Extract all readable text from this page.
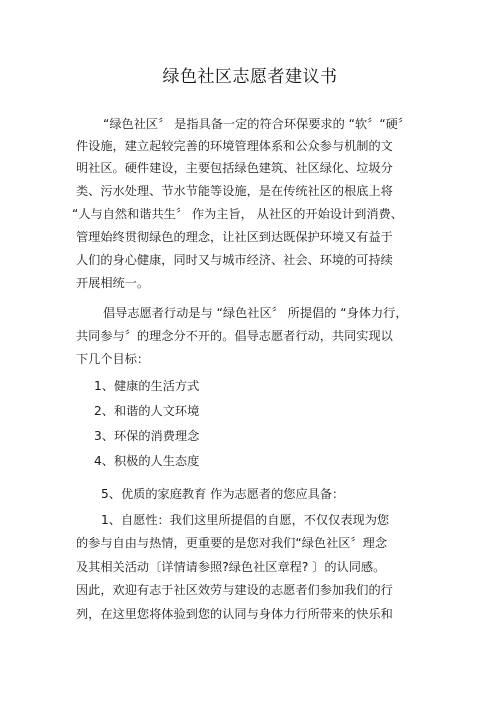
绿色社区志愿者建议书
“绿色社区〞 是指具备一定的符合环保要求的 “软〞“硬〞
件设施，建立起较完善的环境管理体系和公众参与机制的文
明社区。硬件建设，主要包括绿色建筑、社区绿化、垃圾分
类、污水处理、节水节能等设施，是在传统社区的根底上将
“人与自然和谐共生〞 作为主旨， 从社区的开始设计到消费、
管理始终贯彻绿色的理念，让社区到达既保护环境又有益于
人们的身心健康，同时又与城市经济、社会、环境的可持续
开展相统一。
倡导志愿者行动是与 “绿色社区〞 所提倡的 “身体力行，
共同参与〞的理念分不开的。倡导志愿者行动，共同实现以
下几个目标：
1、健康的生活方式
2、和谐的人文环境
3、环保的消费理念
4、积极的人生态度
5、优质的家庭教育 作为志愿者的您应具备：
1、自愿性：我们这里所提倡的自愿，不仅仅表现为您
的参与自由与热情，更重要的是您对我们“绿色社区〞理念
及其相关活动〔详情请参照?绿色社区章程? 〕的认同感。
因此，欢迎有志于社区效劳与建设的志愿者们参加我们的行
列，在这里您将体验到您的认同与身体力行所带来的快乐和
